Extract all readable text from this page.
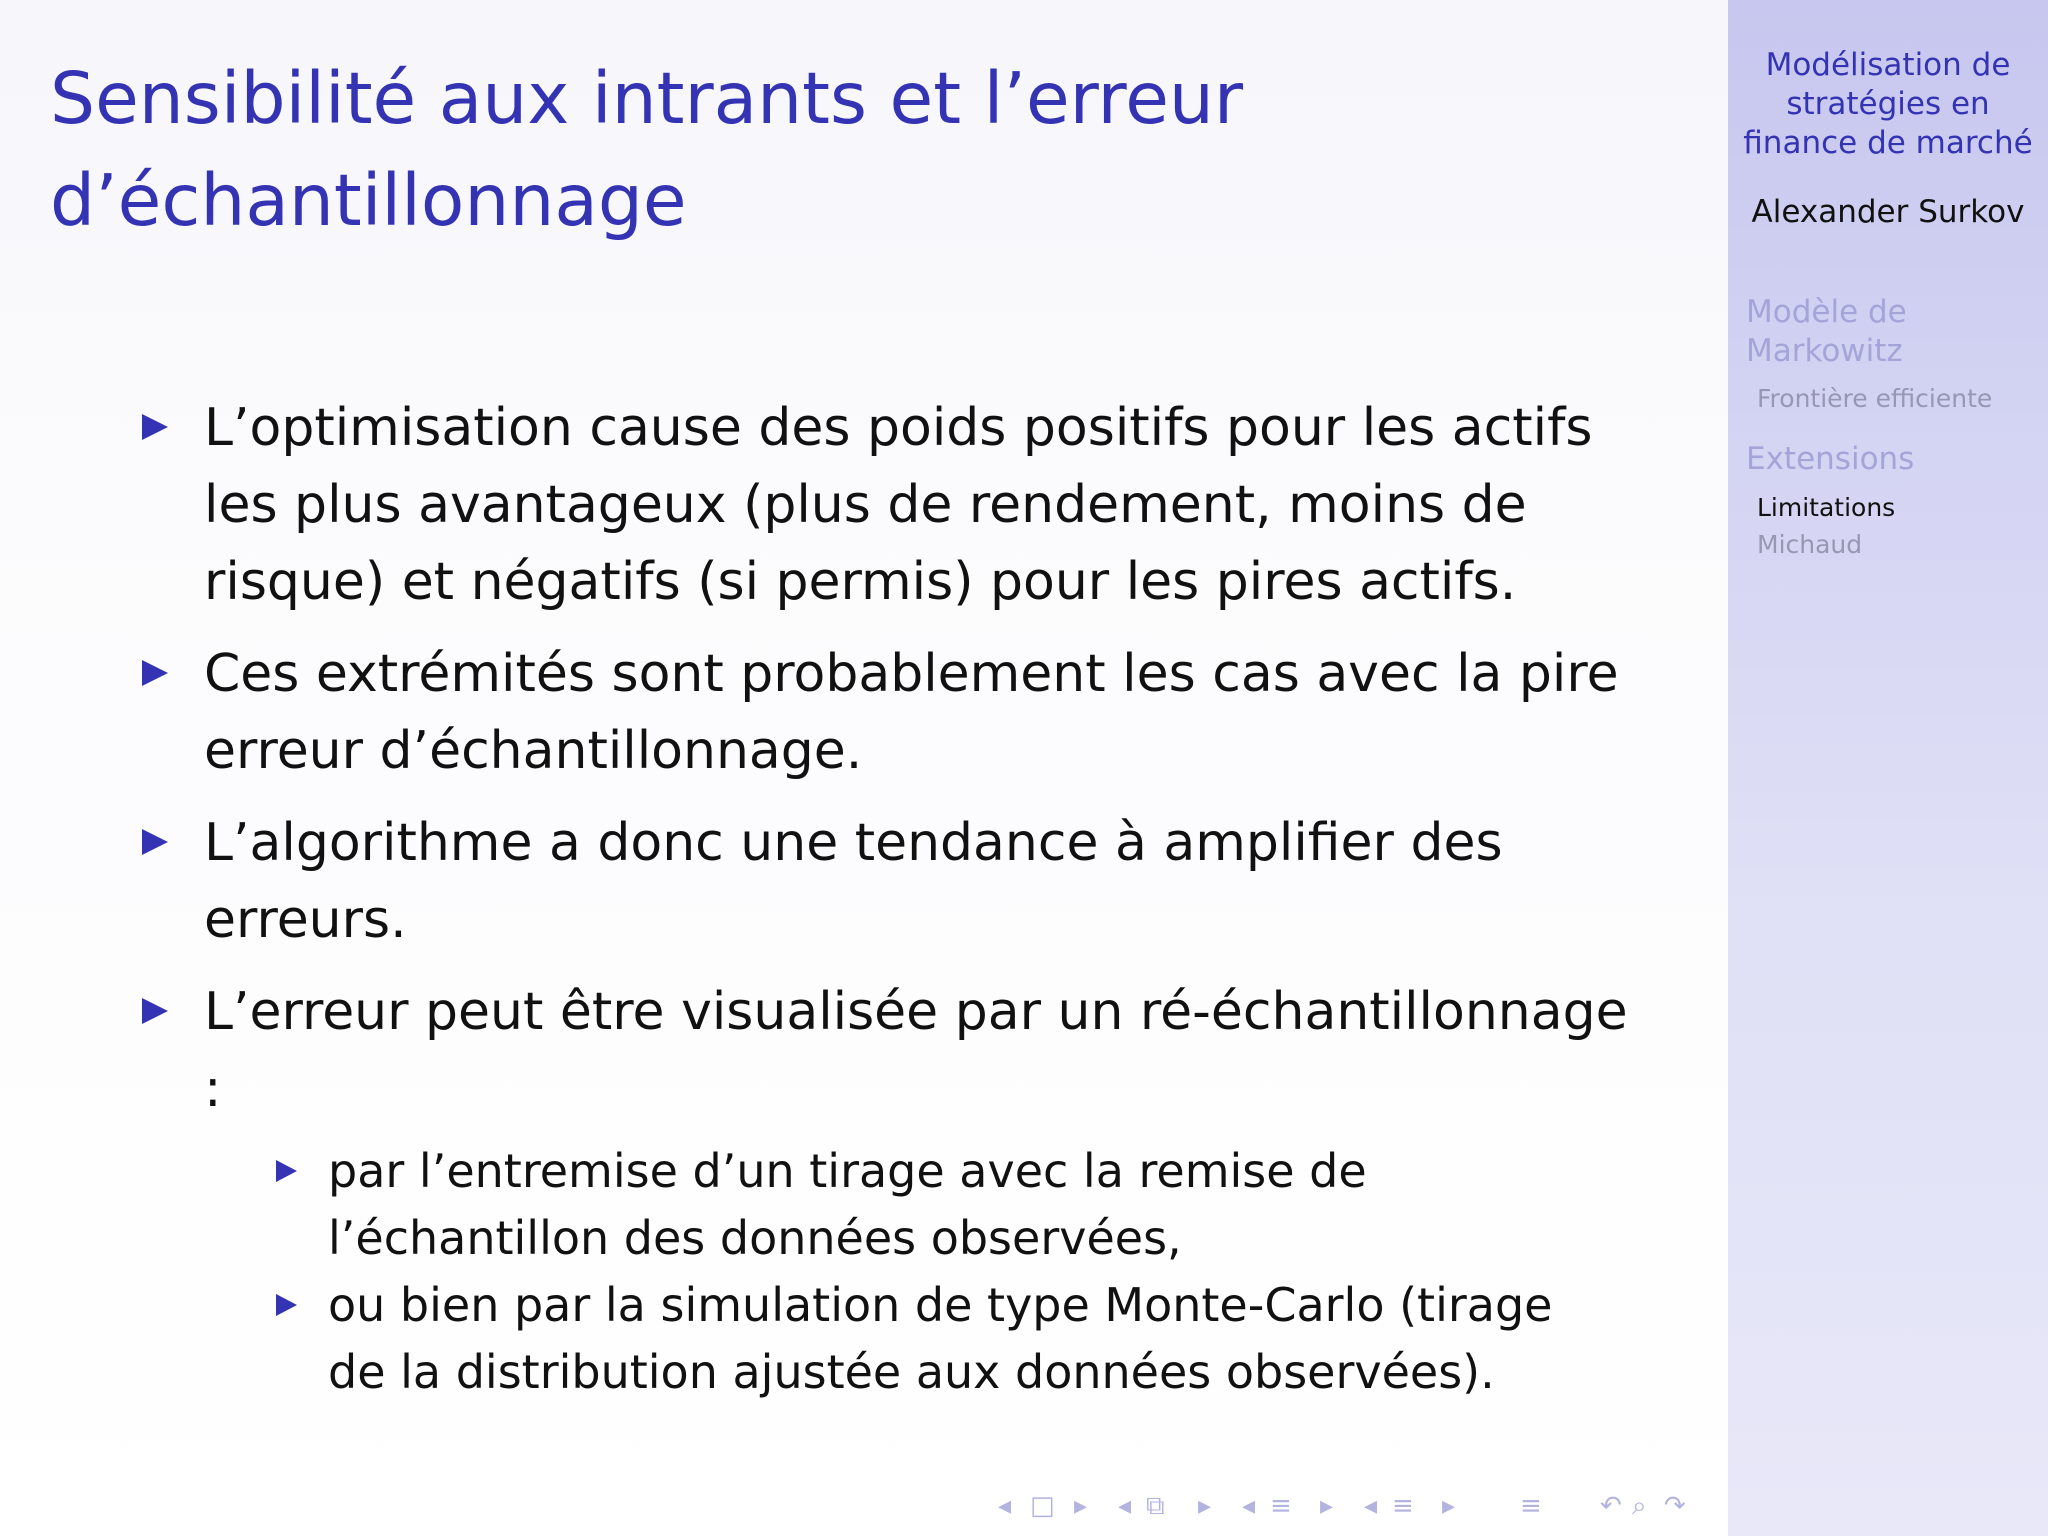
Sensibilité aux intrants et l’erreur
d’échantillonnage
L’optimisation cause des poids positifs pour les actifs
les plus avantageux (plus de rendement, moins de
risque) et négatifs (si permis) pour les pires actifs.
Ces extrémités sont probablement les cas avec la pire
erreur d’échantillonnage.
L’algorithme a donc une tendance à amplifier des
erreurs.
L’erreur peut être visualisée par un ré-échantillonnage :
par l’entremise d’un tirage avec la remise de
l’échantillon des données observées,
ou bien par la simulation de type Monte-Carlo (tirage
de la distribution ajustée aux données observées).
◂ □ ▸ ◂ ⧉ ▸ ◂ ≡ ▸ ◂ ≡ ▸ ≡ ↶ ⌕ ↷
Modélisation de
stratégies en
finance de marché
Alexander Surkov
Modèle de
Markowitz
Frontière efficiente
Extensions
Limitations
Michaud
